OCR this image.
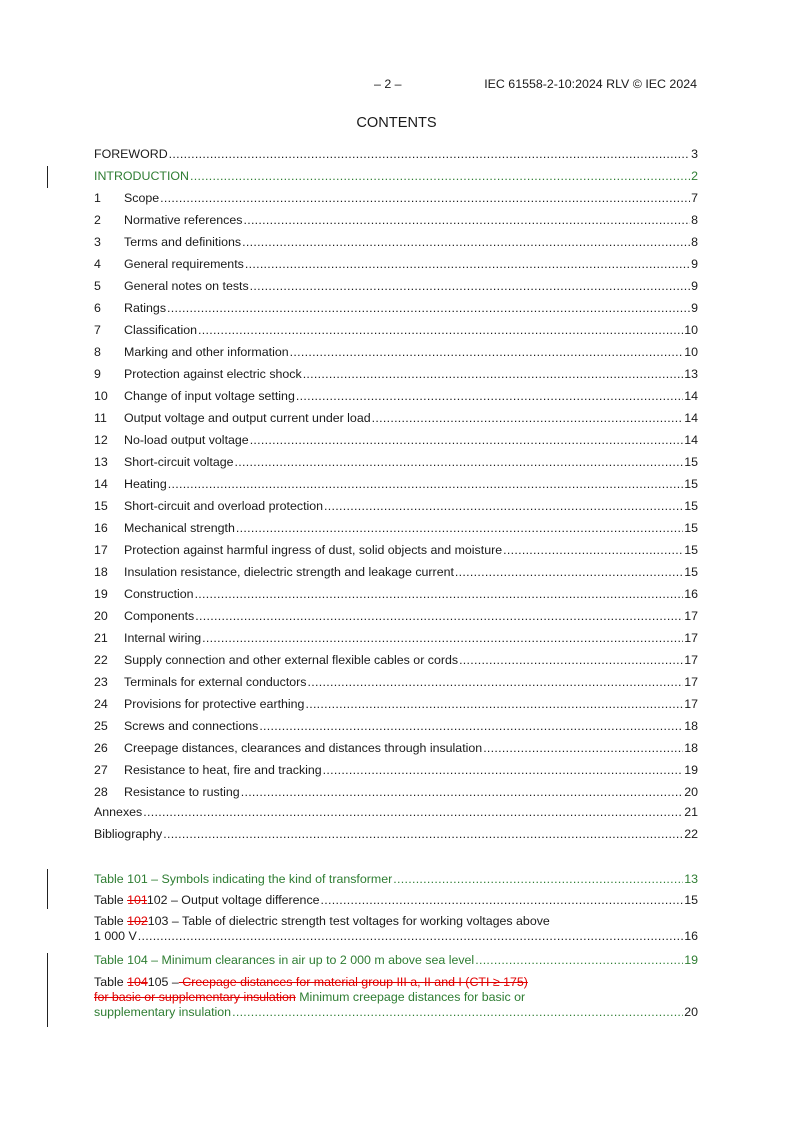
– 2 –	IEC 61558-2-10:2024 RLV © IEC 2024
CONTENTS
FOREWORD .....	3
INTRODUCTION .....	2
1	Scope .....	7
2	Normative references .....	8
3	Terms and definitions .....	8
4	General requirements .....	9
5	General notes on tests .....	9
6	Ratings .....	9
7	Classification .....	10
8	Marking and other information .....	10
9	Protection against electric shock .....	13
10	Change of input voltage setting .....	14
11	Output voltage and output current under load .....	14
12	No-load output voltage .....	14
13	Short-circuit voltage .....	15
14	Heating .....	15
15	Short-circuit and overload protection .....	15
16	Mechanical strength .....	15
17	Protection against harmful ingress of dust, solid objects and moisture .....	15
18	Insulation resistance, dielectric strength and leakage current .....	15
19	Construction .....	16
20	Components .....	17
21	Internal wiring .....	17
22	Supply connection and other external flexible cables or cords .....	17
23	Terminals for external conductors .....	17
24	Provisions for protective earthing .....	17
25	Screws and connections .....	18
26	Creepage distances, clearances and distances through insulation .....	18
27	Resistance to heat, fire and tracking .....	19
28	Resistance to rusting .....	20
Annexes .....	21
Bibliography .....	22
Table 101 – Symbols indicating the kind of transformer .....	13
Table 101102 – Output voltage difference .....	15
Table 102103 – Table of dielectric strength test voltages for working voltages above
1 000 V .....	16
Table 104 – Minimum clearances in air up to 2 000 m above sea level .....	19
Table 104105 – Creepage distances for material group III a, II and I (CTI ≥ 175)
for basic or supplementary insulation Minimum creepage distances for basic or
supplementary insulation .....	20
